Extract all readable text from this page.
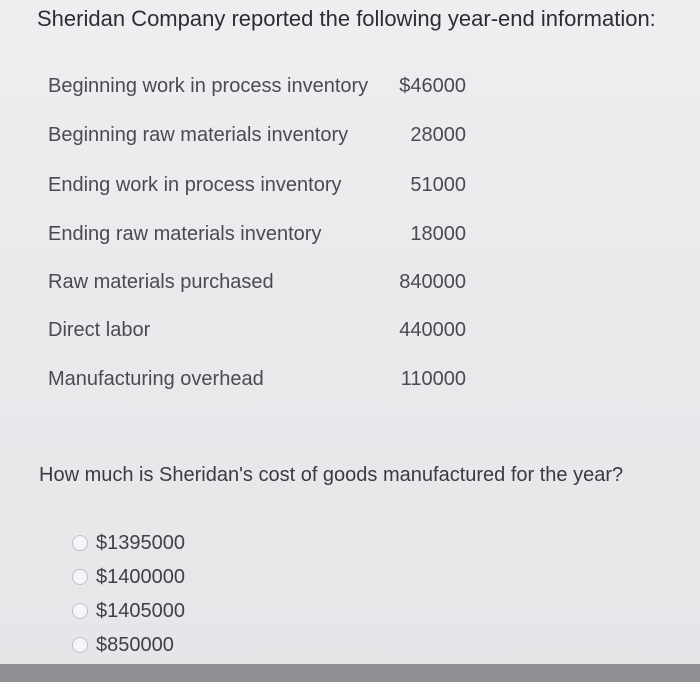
Sheridan Company reported the following year-end information:
Beginning work in process inventory $46000
Beginning raw materials inventory	28000
Ending work in process inventory	51000
Ending raw materials inventory	18000
Raw materials purchased	840000
Direct labor	440000
Manufacturing overhead	110000
How much is Sheridan's cost of goods manufactured for the year?
$1395000
$1400000
$1405000
$850000
